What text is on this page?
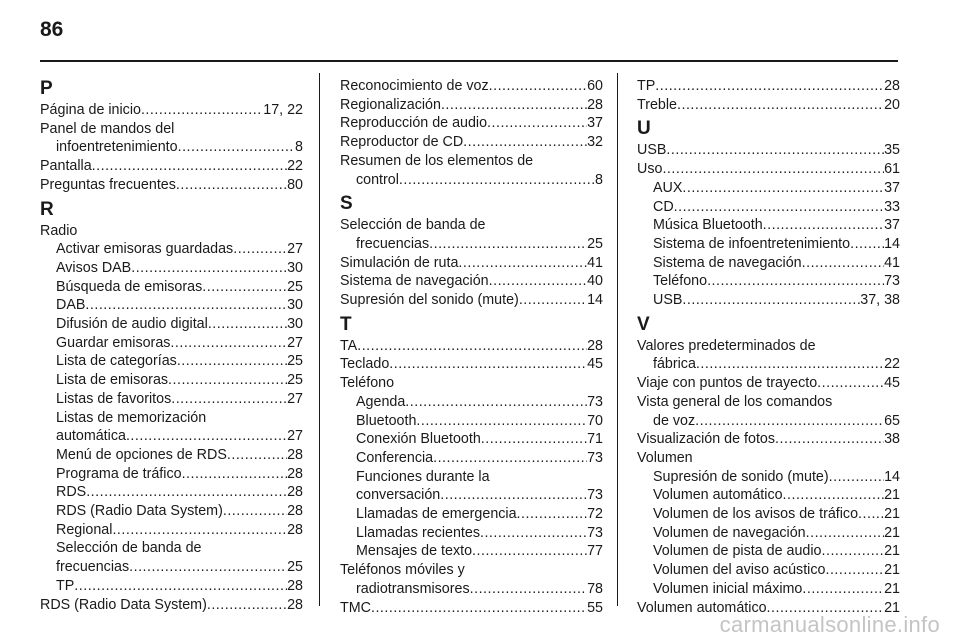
86
P
Página de inicio .....	17, 22
Panel de mandos del
infoentretenimiento .....	8
Pantalla .....	22
Preguntas frecuentes .....	80
R
Radio
Activar emisoras guardadas .....	27
Avisos DAB .....	30
Búsqueda de emisoras .....	25
DAB .....	30
Difusión de audio digital .....	30
Guardar emisoras .....	27
Lista de categorías .....	25
Lista de emisoras .....	25
Listas de favoritos .....	27
Listas de memorización
automática .....	27
Menú de opciones de RDS .....	28
Programa de tráfico .....	28
RDS .....	28
RDS (Radio Data System) .....	28
Regional .....	28
Selección de banda de
frecuencias .....	25
TP .....	28
RDS (Radio Data System) .....	28
Reconocimiento de voz .....	60
Regionalización .....	28
Reproducción de audio .....	37
Reproductor de CD .....	32
Resumen de los elementos de
control .....	8
S
Selección de banda de
frecuencias .....	25
Simulación de ruta .....	41
Sistema de navegación .....	40
Supresión del sonido (mute) .....	14
T
TA .....	28
Teclado .....	45
Teléfono
Agenda .....	73
Bluetooth .....	70
Conexión Bluetooth .....	71
Conferencia .....	73
Funciones durante la
conversación .....	73
Llamadas de emergencia .....	72
Llamadas recientes .....	73
Mensajes de texto .....	77
Teléfonos móviles y
radiotransmisores .....	78
TMC .....	55
TP .....	28
Treble .....	20
U
USB .....	35
Uso .....	61
AUX .....	37
CD .....	33
Música Bluetooth .....	37
Sistema de infoentretenimiento ..... 14
Sistema de navegación .....	41
Teléfono .....	73
USB .....	37, 38
V
Valores predeterminados de
fábrica .....	22
Viaje con puntos de trayecto .....	45
Vista general de los comandos
de voz .....	65
Visualización de fotos .....	38
Volumen
Supresión de sonido (mute) .....	14
Volumen automático .....	21
Volumen de los avisos de tráfico ..... 21
Volumen de navegación .....	21
Volumen de pista de audio .....	21
Volumen del aviso acústico .....	21
Volumen inicial máximo .....	21
Volumen automático .....	21
carmanualsonline.info
